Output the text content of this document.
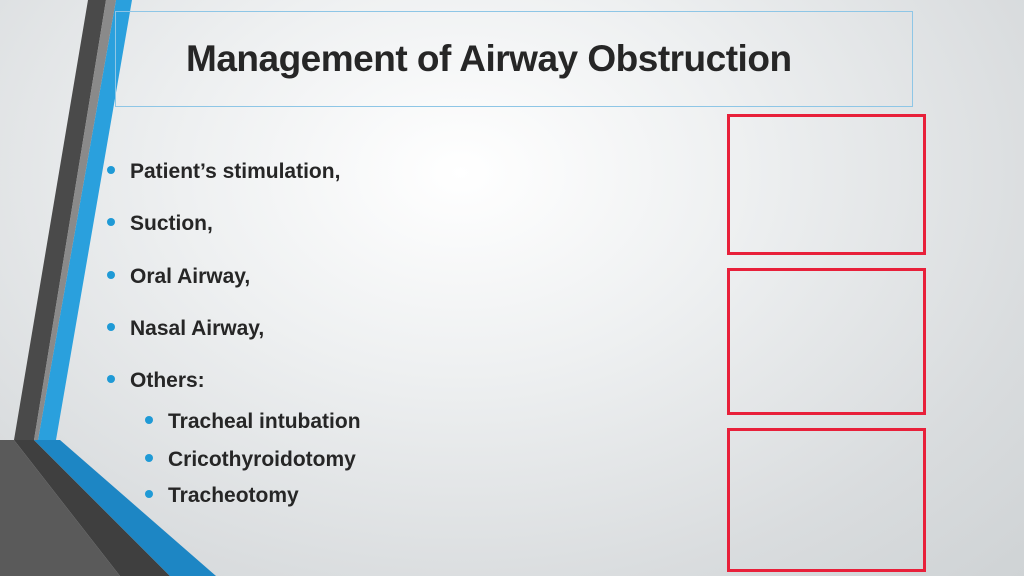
Management of Airway Obstruction
Patient’s stimulation,
Suction,
Oral Airway,
Nasal Airway,
Others:
Tracheal intubation
Cricothyroidotomy
Tracheotomy
